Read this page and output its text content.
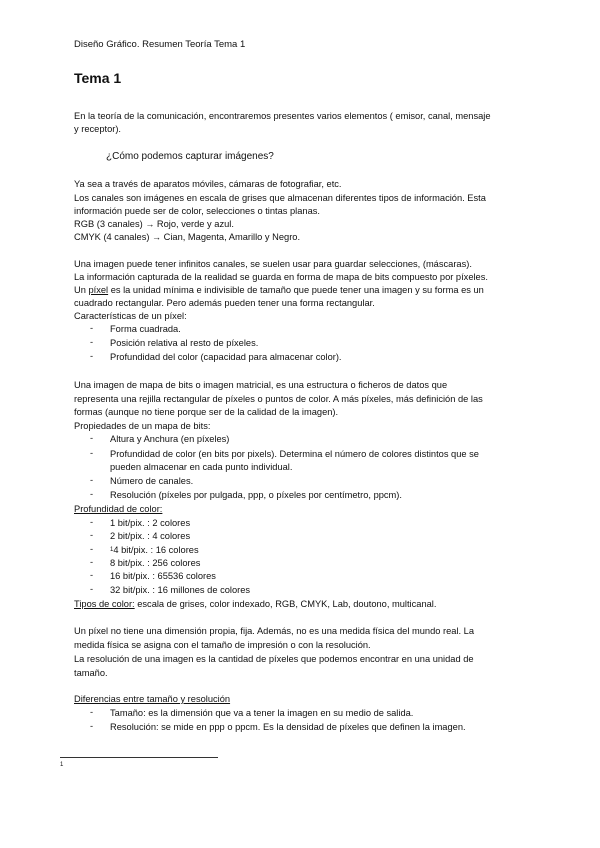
Diseño Gráfico. Resumen Teoría Tema 1
Tema 1
En la teoría de la comunicación, encontraremos presentes varios elementos ( emisor, canal, mensaje
y receptor).
¿Cómo podemos capturar imágenes?
Ya sea a través de aparatos móviles, cámaras de fotografiar, etc.
Los canales son imágenes en escala de grises que almacenan diferentes tipos de información. Esta
información puede ser de color, selecciones o tintas planas.
RGB (3 canales) → Rojo, verde y azul.
CMYK (4 canales) → Cian, Magenta, Amarillo y Negro.
Una imagen puede tener infinitos canales, se suelen usar para guardar selecciones, (máscaras).
La información capturada de la realidad se guarda en forma de mapa de bits compuesto por píxeles.
Un píxel es la unidad mínima e indivisible de tamaño que puede tener una imagen y su forma es un
cuadrado rectangular. Pero además pueden tener una forma rectangular.
Características de un píxel:
- Forma cuadrada.
- Posición relativa al resto de píxeles.
- Profundidad del color (capacidad para almacenar color).
Una imagen de mapa de bits o imagen matricial, es una estructura o ficheros de datos que
representa una rejilla rectangular de píxeles o puntos de color. A más píxeles, más definición de las
formas (aunque no tiene porque ser de la calidad de la imagen).
Propiedades de un mapa de bits:
- Altura y Anchura (en píxeles)
- Profundidad de color (en bits por pixels). Determina el número de colores distintos que se
pueden almacenar en cada punto individual.
- Número de canales.
- Resolución (píxeles por pulgada, ppp, o píxeles por centímetro, ppcm).
Profundidad de color:
- 1 bit/pix. : 2 colores
- 2 bit/pix. : 4 colores
-	$^1$4 bit/pix. : 16 colores
- 8 bit/pix. : 256 colores
- 16 bit/pix. : 65536 colores
- 32 bit/pix. : 16 millones de colores
Tipos de color: escala de grises, color indexado, RGB, CMYK, Lab, doutono, multicanal.
Un píxel no tiene una dimensión propia, fija. Además, no es una medida física del mundo real. La
medida física se asigna con el tamaño de impresión o con la resolución.
La resolución de una imagen es la cantidad de píxeles que podemos encontrar en una unidad de
tamaño.
Diferencias entre tamaño y resolución
- Tamaño: es la dimensión que va a tener la imagen en su medio de salida.
- Resolución: se mide en ppp o ppcm. Es la densidad de píxeles que definen la imagen.
1
